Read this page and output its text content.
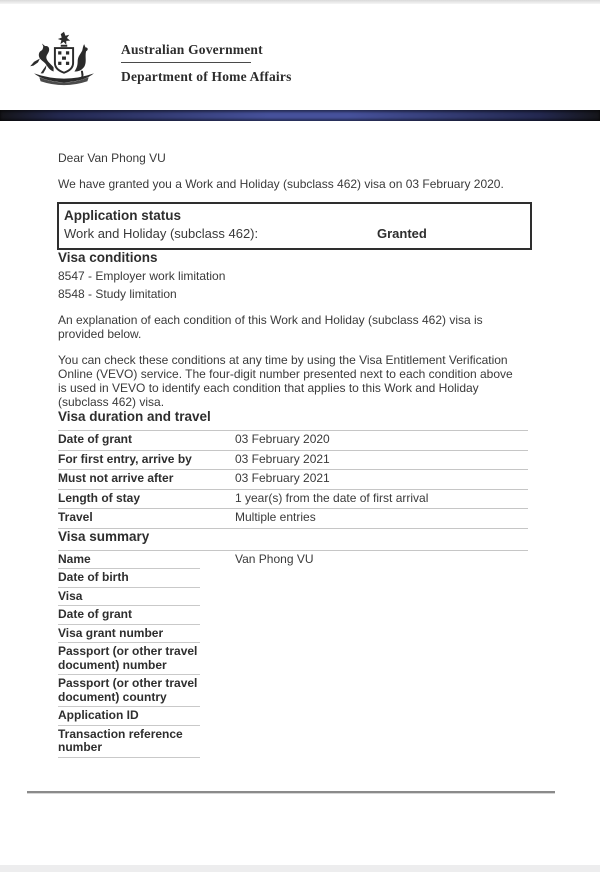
Australian Government
Department of Home Affairs

Dear Van Phong VU

We have granted you a Work and Holiday (subclass 462) visa on 03 February 2020.

Application status
Work and Holiday (subclass 462):	Granted
Visa conditions
8547 - Employer work limitation
8548 - Study limitation

An explanation of each condition of this Work and Holiday (subclass 462) visa is provided below.

You can check these conditions at any time by using the Visa Entitlement Verification Online (VEVO) service. The four-digit number presented next to each condition above is used in VEVO to identify each condition that applies to this Work and Holiday (subclass 462) visa.

Visa duration and travel
Date of grant	03 February 2020
For first entry, arrive by	03 February 2021
Must not arrive after	03 February 2021
Length of stay	1 year(s) from the date of first arrival
Travel	Multiple entries
Visa summary
Name	Van Phong VU
Date of birth
Visa
Date of grant
Visa grant number
Passport (or other travel document) number
Passport (or other travel document) country
Application ID
Transaction reference number
